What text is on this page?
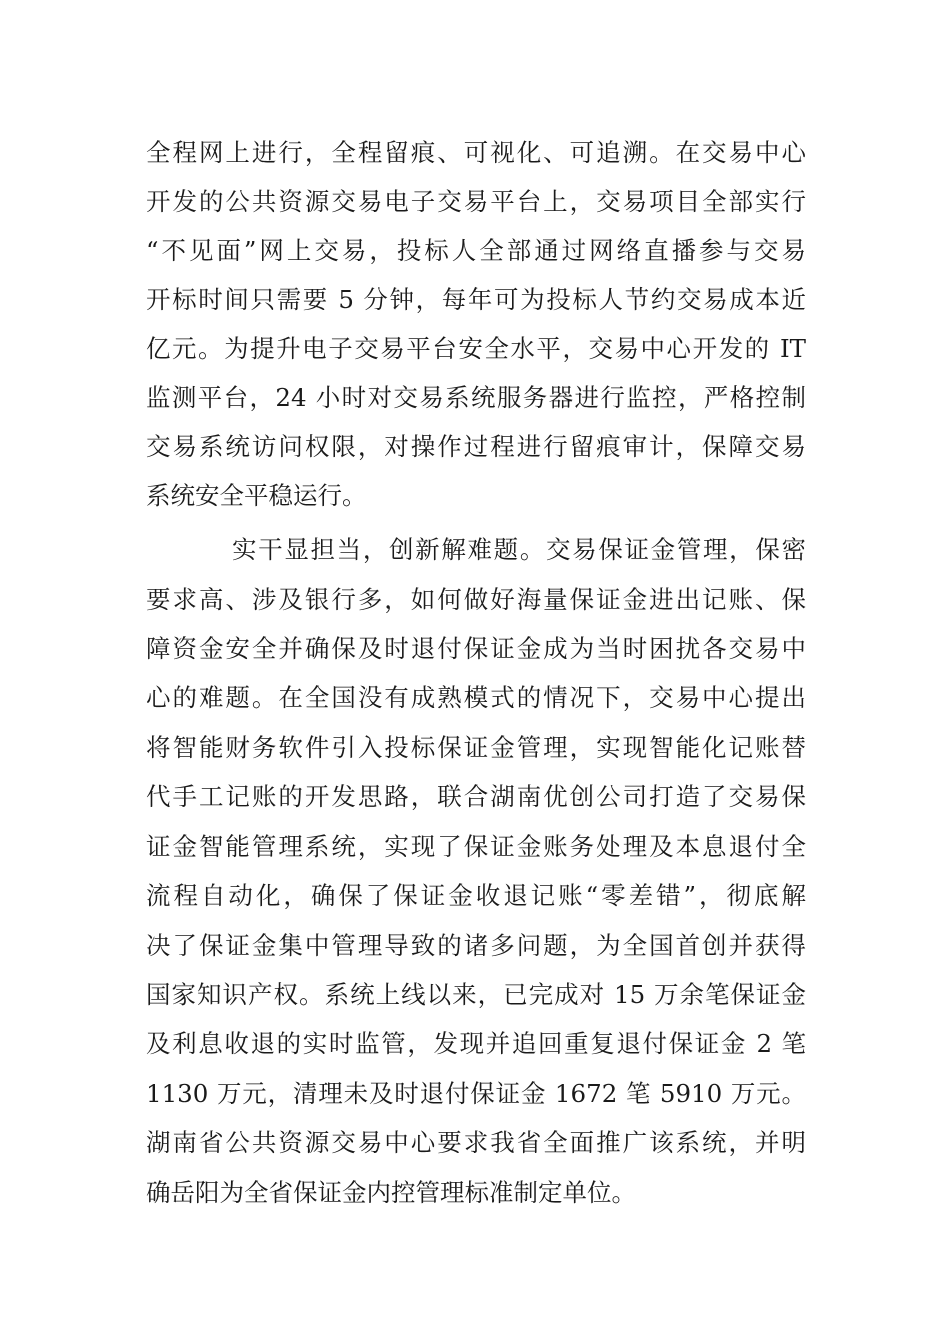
全程网上进行，全程留痕、可视化、可追溯。在交易中心
开发的公共资源交易电子交易平台上，交易项目全部实行
“不见面”网上交易，投标人全部通过网络直播参与交易
开标时间只需要 5 分钟，每年可为投标人节约交易成本近
亿元。为提升电子交易平台安全水平，交易中心开发的 IT
监测平台，24 小时对交易系统服务器进行监控，严格控制
交易系统访问权限，对操作过程进行留痕审计，保障交易
系统安全平稳运行。
实干显担当，创新解难题。交易保证金管理，保密
要求高、涉及银行多，如何做好海量保证金进出记账、保
障资金安全并确保及时退付保证金成为当时困扰各交易中
心的难题。在全国没有成熟模式的情况下，交易中心提出
将智能财务软件引入投标保证金管理，实现智能化记账替
代手工记账的开发思路，联合湖南优创公司打造了交易保
证金智能管理系统，实现了保证金账务处理及本息退付全
流程自动化，确保了保证金收退记账“零差错”，彻底解
决了保证金集中管理导致的诸多问题，为全国首创并获得
国家知识产权。系统上线以来，已完成对 15 万余笔保证金
及利息收退的实时监管，发现并追回重复退付保证金 2 笔
1130 万元，清理未及时退付保证金 1672 笔 5910 万元。
湖南省公共资源交易中心要求我省全面推广该系统，并明
确岳阳为全省保证金内控管理标准制定单位。
